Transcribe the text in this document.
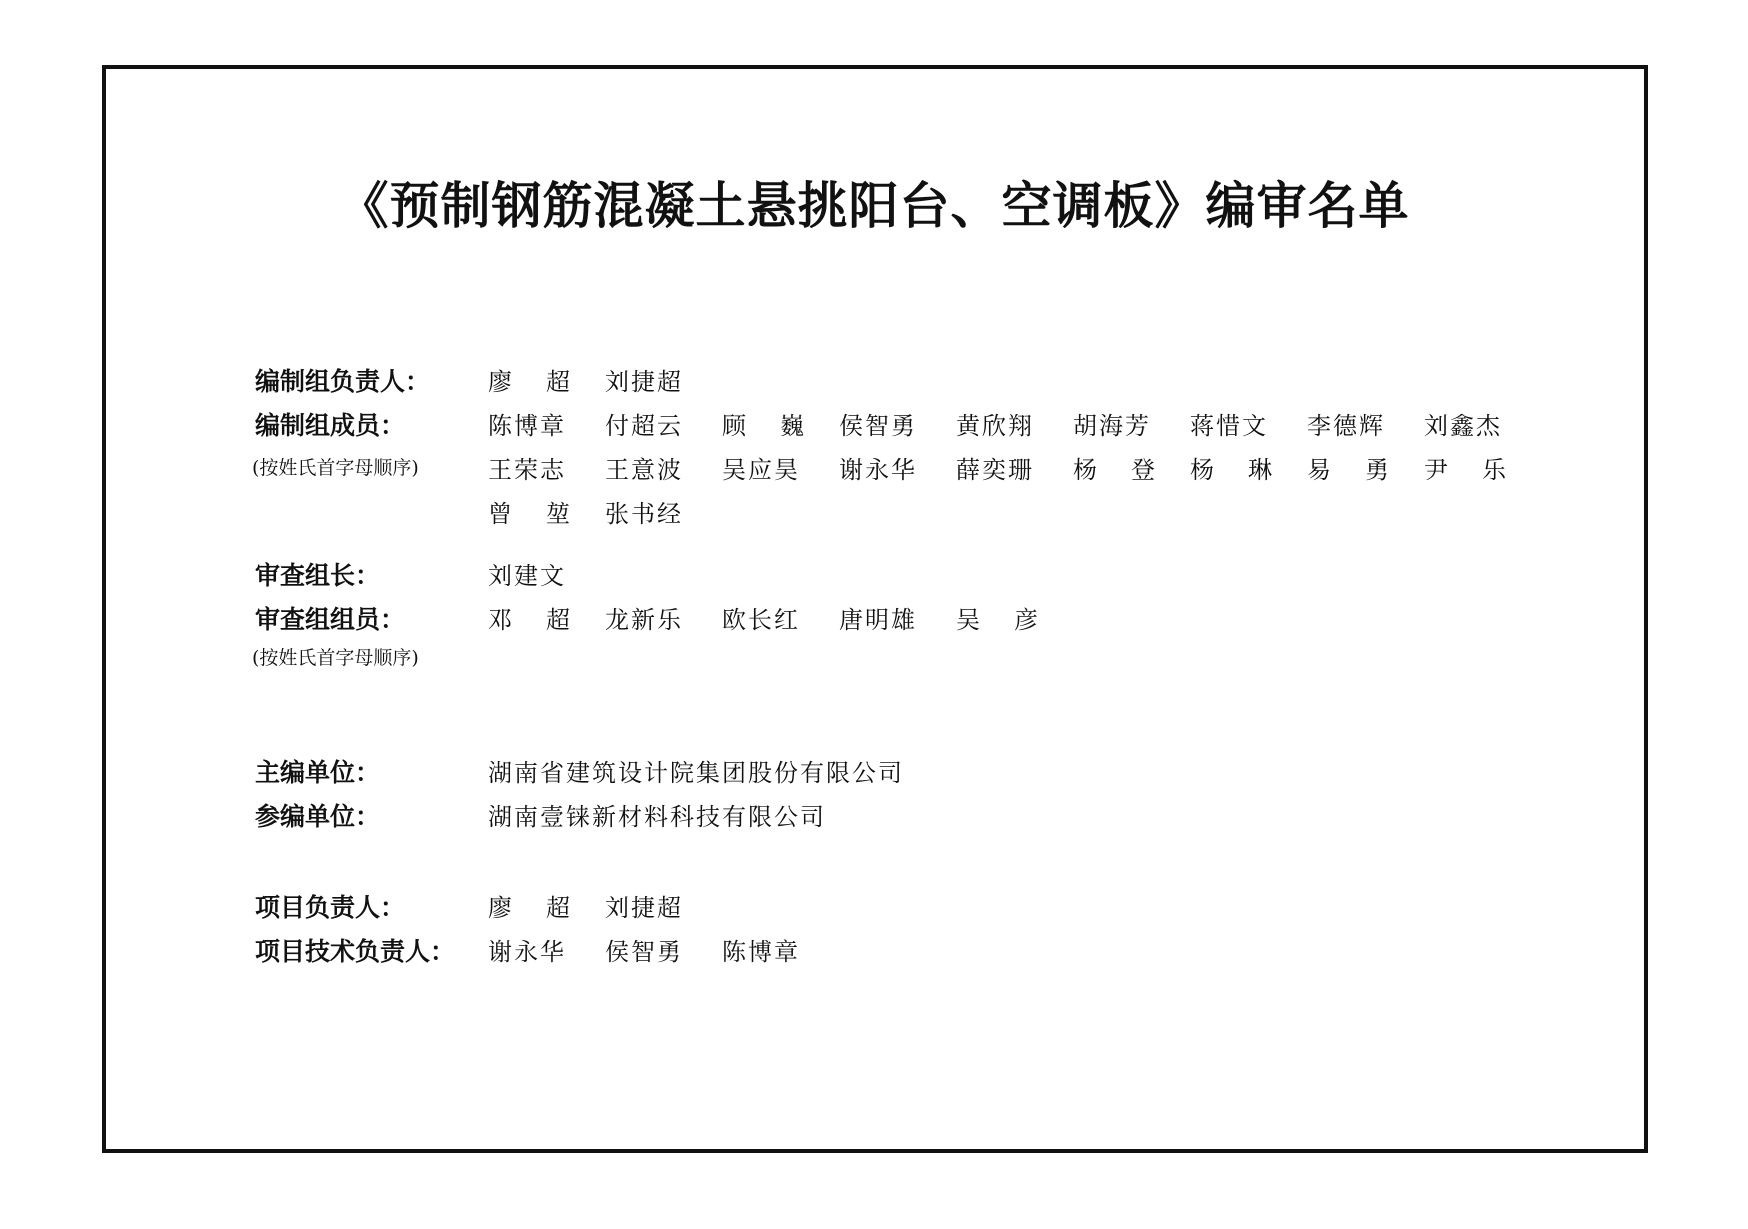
《预制钢筋混凝土悬挑阳台、空调板》编审名单
编制组负责人： 廖 超 刘捷超
编制组成员：	陈博章 付超云 顾 巍 侯智勇 黄欣翔 胡海芳 蒋惜文 李德辉 刘鑫杰
(按姓氏首字母顺序)	王荣志 王意波 吴应昊 谢永华 薛奕珊 杨 登 杨 琳 易 勇 尹 乐
曾 堃 张书经
审查组长：	刘建文
审查组组员：	邓 超 龙新乐 欧长红 唐明雄 吴 彦
(按姓氏首字母顺序)
主编单位：	湖南省建筑设计院集团股份有限公司
参编单位：	湖南壹铼新材料科技有限公司
项目负责人：	廖 超 刘捷超
项目技术负责人： 谢永华 侯智勇 陈博章
